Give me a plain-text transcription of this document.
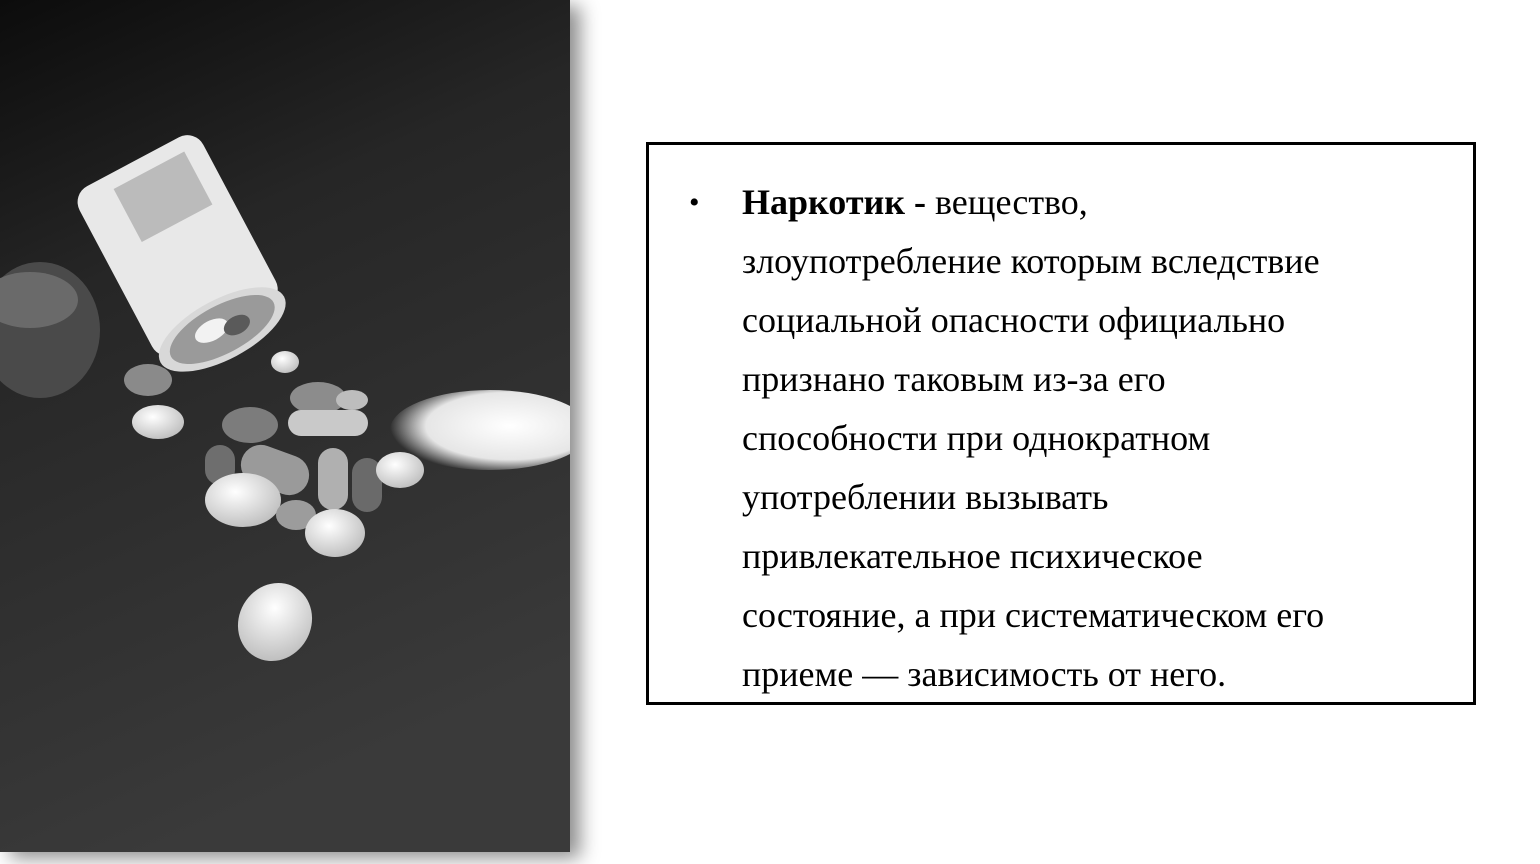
• Наркотик - вещество,
злоупотребление которым вследствие
социальной опасности официально
признано таковым из-за его
способности при однократном
употреблении вызывать
привлекательное психическое
состояние, а при систематическом его
приеме — зависимость от него.
